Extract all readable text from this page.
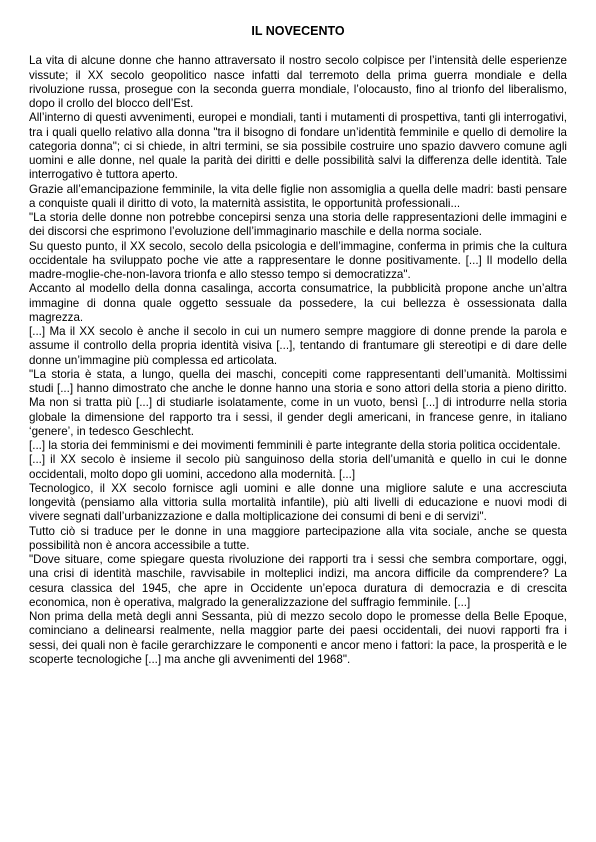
IL NOVECENTO

La vita di alcune donne che hanno attraversato il nostro secolo colpisce per l’intensità delle esperienze vissute; il XX secolo geopolitico nasce infatti dal terremoto della prima guerra mondiale e della rivoluzione russa, prosegue con la seconda guerra mondiale, l’olocausto, fino al trionfo del liberalismo, dopo il crollo del blocco dell’Est.

All’interno di questi avvenimenti, europei e mondiali, tanti i mutamenti di prospettiva, tanti gli interrogativi, tra i quali quello relativo alla donna "tra il bisogno di fondare un’identità femminile e quello di demolire la categoria donna"; ci si chiede, in altri termini, se sia possibile costruire uno spazio davvero comune agli uomini e alle donne, nel quale la parità dei diritti e delle possibilità salvi la differenza delle identità. Tale interrogativo è tuttora aperto.

Grazie all’emancipazione femminile, la vita delle figlie non assomiglia a quella delle madri: basti pensare a conquiste quali il diritto di voto, la maternità assistita, le opportunità professionali...

"La storia delle donne non potrebbe concepirsi senza una storia delle rappresentazioni delle immagini e dei discorsi che esprimono l’evoluzione dell’immaginario maschile e della norma sociale.

Su questo punto, il XX secolo, secolo della psicologia e dell’immagine, conferma in primis che la cultura occidentale ha sviluppato poche vie atte a rappresentare le donne positivamente. [...] Il modello della madre-moglie-che-non-lavora trionfa e allo stesso tempo si democratizza".

Accanto al modello della donna casalinga, accorta consumatrice, la pubblicità propone anche un’altra immagine di donna quale oggetto sessuale da possedere, la cui bellezza è ossessionata dalla magrezza.

[...] Ma il XX secolo è anche il secolo in cui un numero sempre maggiore di donne prende la parola e assume il controllo della propria identità visiva [...], tentando di frantumare gli stereotipi e di dare delle donne un’immagine più complessa ed articolata.

"La storia è stata, a lungo, quella dei maschi, concepiti come rappresentanti dell’umanità. Moltissimi studi [...] hanno dimostrato che anche le donne hanno una storia e sono attori della storia a pieno diritto. Ma non si tratta più [...] di studiarle isolatamente, come in un vuoto, bensì [...] di introdurre nella storia globale la dimensione del rapporto tra i sessi, il gender degli americani, in francese genre, in italiano ‘genere’, in tedesco Geschlecht.

[...] la storia dei femminismi e dei movimenti femminili è parte integrante della storia politica occidentale.

[...] il XX secolo è insieme il secolo più sanguinoso della storia dell’umanità e quello in cui le donne occidentali, molto dopo gli uomini, accedono alla modernità. [...]

Tecnologico, il XX secolo fornisce agli uomini e alle donne una migliore salute e una accresciuta longevità (pensiamo alla vittoria sulla mortalità infantile), più alti livelli di educazione e nuovi modi di vivere segnati dall’urbanizzazione e dalla moltiplicazione dei consumi di beni e di servizi".

Tutto ciò si traduce per le donne in una maggiore partecipazione alla vita sociale, anche se questa possibilità non è ancora accessibile a tutte.

"Dove situare, come spiegare questa rivoluzione dei rapporti tra i sessi che sembra comportare, oggi, una crisi di identità maschile, ravvisabile in molteplici indizi, ma ancora difficile da comprendere? La cesura classica del 1945, che apre in Occidente un’epoca duratura di democrazia e di crescita economica, non è operativa, malgrado la generalizzazione del suffragio femminile. [...]

Non prima della metà degli anni Sessanta, più di mezzo secolo dopo le promesse della Belle Epoque, cominciano a delinearsi realmente, nella maggior parte dei paesi occidentali, dei nuovi rapporti fra i sessi, dei quali non è facile gerarchizzare le componenti e ancor meno i fattori: la pace, la prosperità e le scoperte tecnologiche [...] ma anche gli avvenimenti del 1968".
